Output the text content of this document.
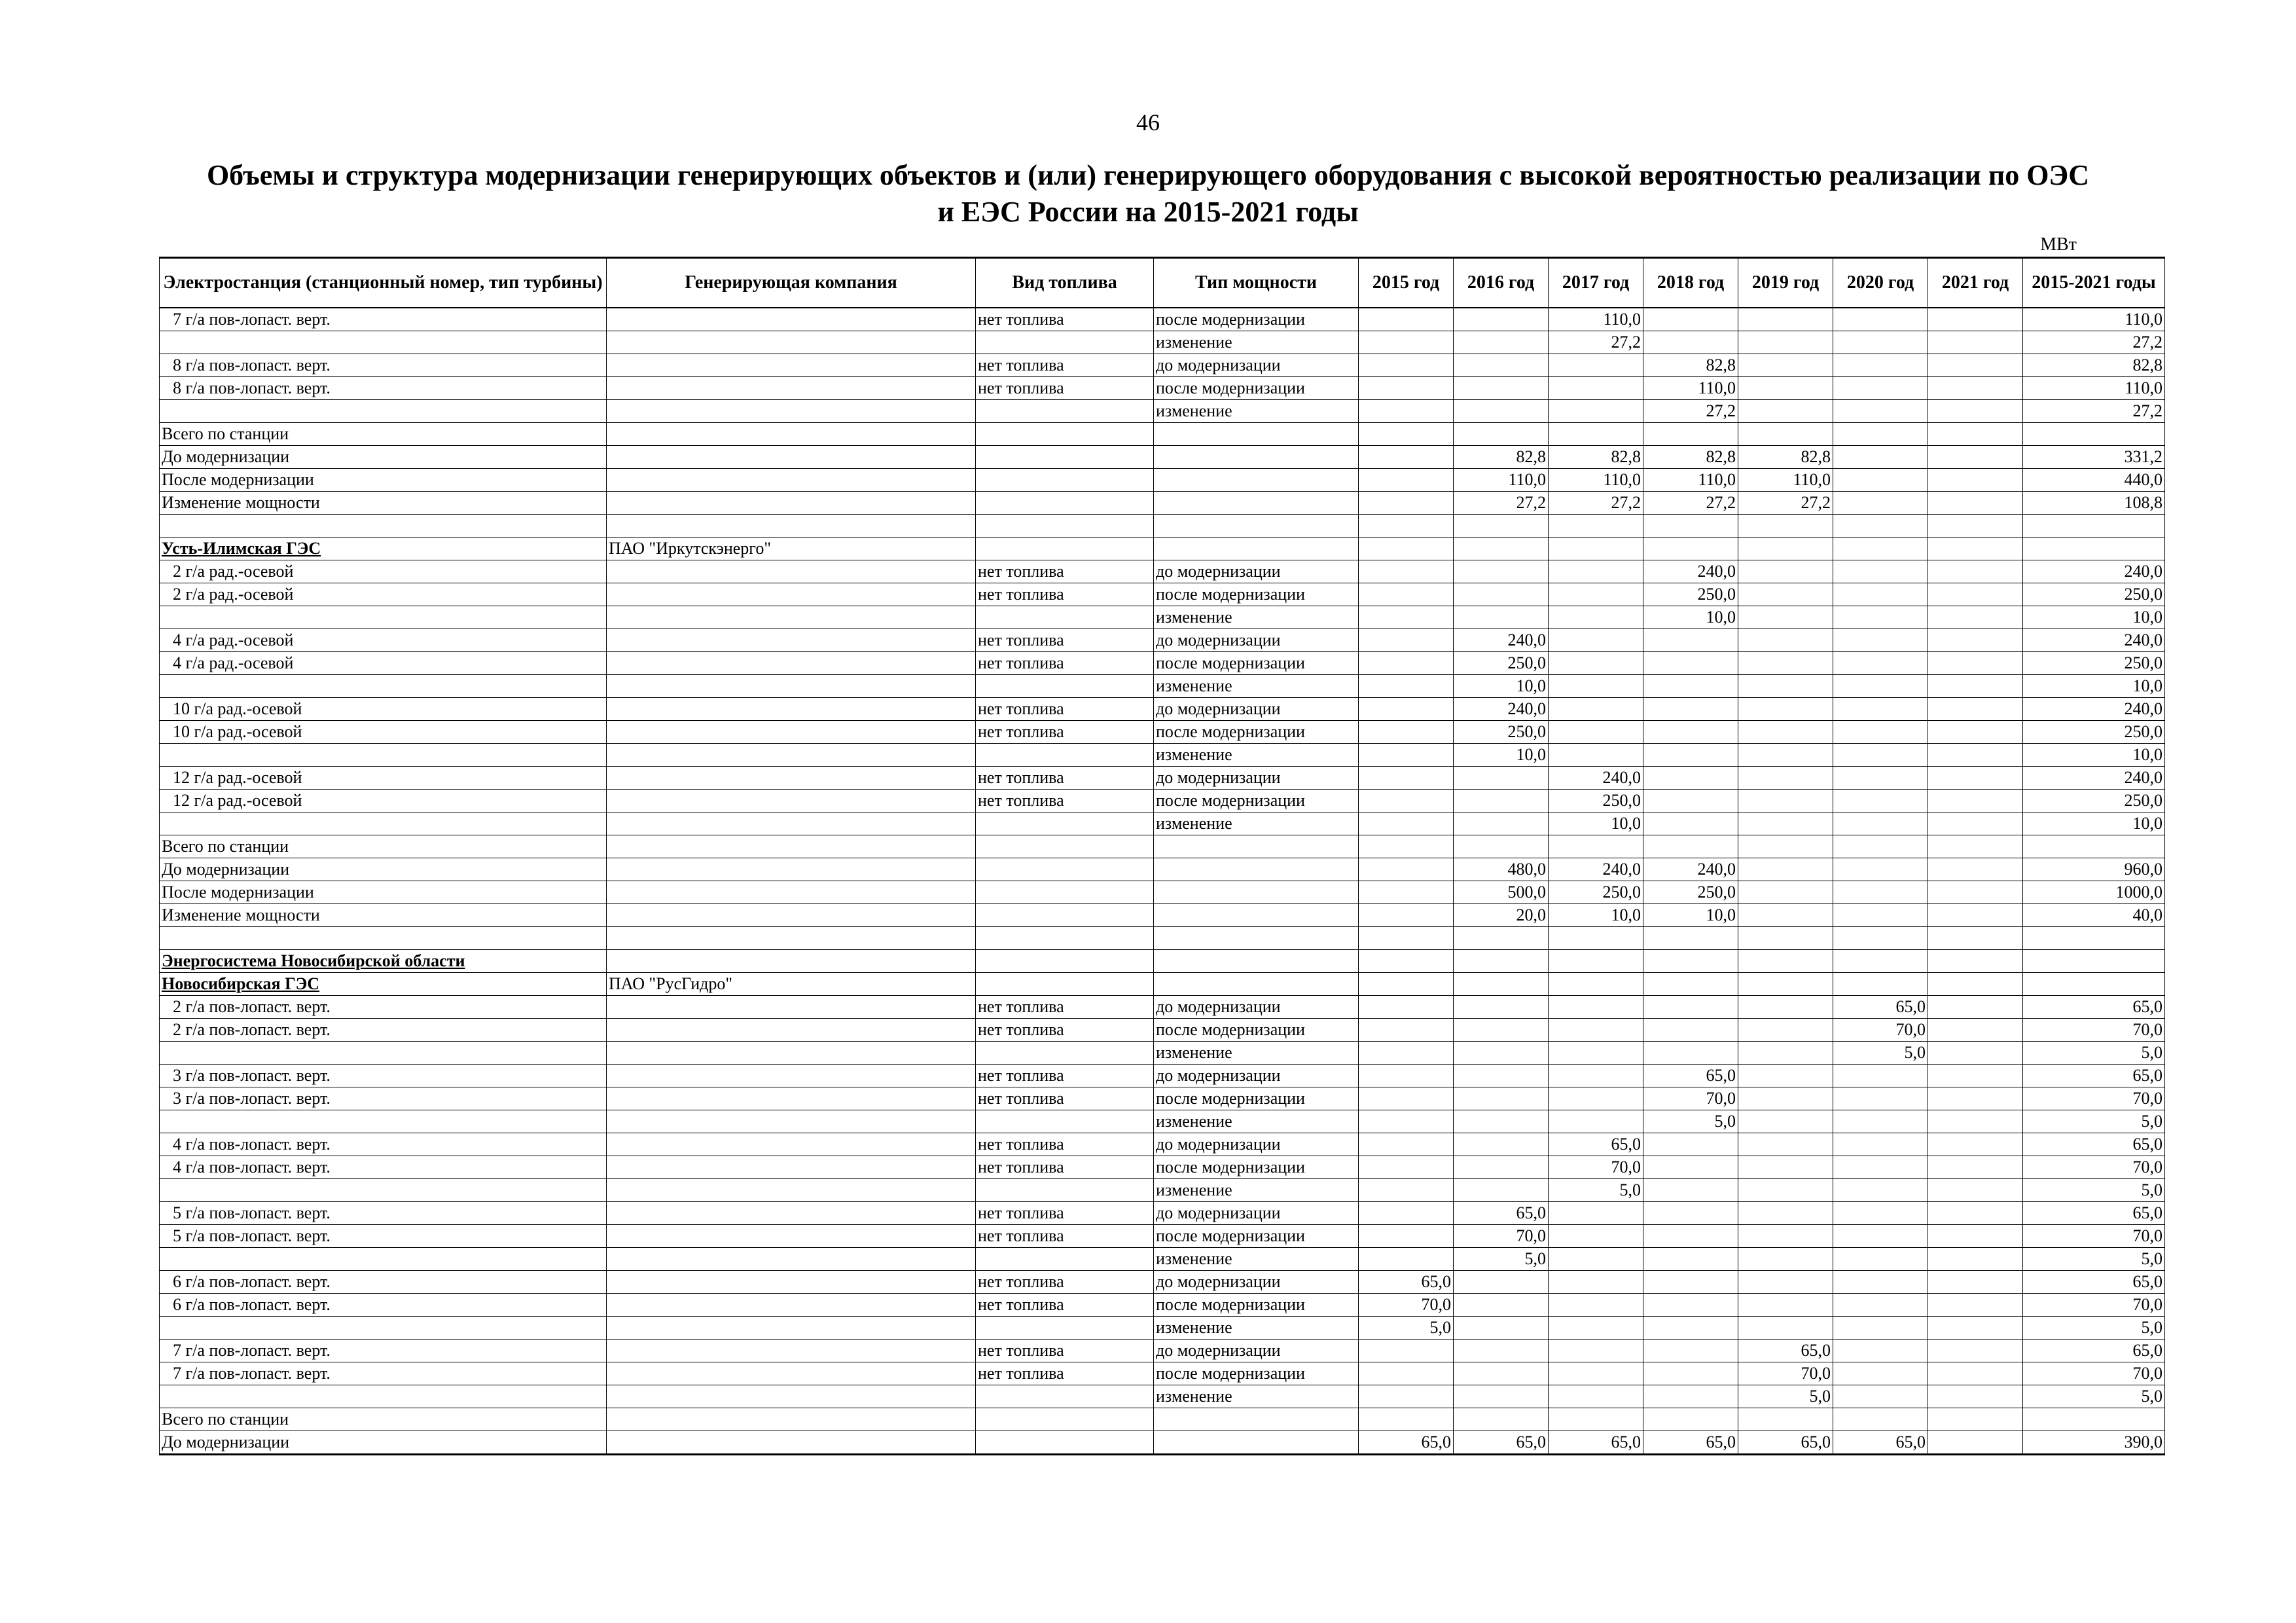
46
Объемы и структура модернизации генерирующих объектов и (или) генерирующего оборудования с высокой вероятностью реализации по ОЭС
и ЕЭС России на 2015-2021 годы
МВт
Электростанция (станционный номер, тип турбины)	Генерирующая компания	Вид топлива	Тип мощности	2015 год	2016 год	2017 год	2018 год	2019 год	2020 год	2021 год	2015-2021 годы
7 г/а пов-лопаст. верт.		нет топлива	после модернизации			110,0					110,0
			изменение			27,2					27,2
8 г/а пов-лопаст. верт.		нет топлива	до модернизации				82,8				82,8
8 г/а пов-лопаст. верт.		нет топлива	после модернизации				110,0				110,0
			изменение				27,2				27,2
Всего по станции											
До модернизации					82,8	82,8	82,8	82,8			331,2
После модернизации					110,0	110,0	110,0	110,0			440,0
Изменение мощности					27,2	27,2	27,2	27,2			108,8

Усть-Илимская ГЭС	ПАО "Иркутскэнерго"										
2 г/а рад.-осевой		нет топлива	до модернизации				240,0				240,0
2 г/а рад.-осевой		нет топлива	после модернизации				250,0				250,0
			изменение				10,0				10,0
4 г/а рад.-осевой		нет топлива	до модернизации		240,0						240,0
4 г/а рад.-осевой		нет топлива	после модернизации		250,0						250,0
			изменение		10,0						10,0
10 г/а рад.-осевой		нет топлива	до модернизации		240,0						240,0
10 г/а рад.-осевой		нет топлива	после модернизации		250,0						250,0
			изменение		10,0						10,0
12 г/а рад.-осевой		нет топлива	до модернизации			240,0					240,0
12 г/а рад.-осевой		нет топлива	после модернизации			250,0					250,0
			изменение			10,0					10,0
Всего по станции											
До модернизации					480,0	240,0	240,0				960,0
После модернизации					500,0	250,0	250,0				1000,0
Изменение мощности					20,0	10,0	10,0				40,0

Энергосистема Новосибирской области											
Новосибирская ГЭС	ПАО "РусГидро"										
2 г/а пов-лопаст. верт.		нет топлива	до модернизации						65,0		65,0
2 г/а пов-лопаст. верт.		нет топлива	после модернизации						70,0		70,0
			изменение						5,0		5,0
3 г/а пов-лопаст. верт.		нет топлива	до модернизации				65,0				65,0
3 г/а пов-лопаст. верт.		нет топлива	после модернизации				70,0				70,0
			изменение				5,0				5,0
4 г/а пов-лопаст. верт.		нет топлива	до модернизации			65,0					65,0
4 г/а пов-лопаст. верт.		нет топлива	после модернизации			70,0					70,0
			изменение			5,0					5,0
5 г/а пов-лопаст. верт.		нет топлива	до модернизации		65,0						65,0
5 г/а пов-лопаст. верт.		нет топлива	после модернизации		70,0						70,0
			изменение		5,0						5,0
6 г/а пов-лопаст. верт.		нет топлива	до модернизации	65,0							65,0
6 г/а пов-лопаст. верт.		нет топлива	после модернизации	70,0							70,0
			изменение	5,0							5,0
7 г/а пов-лопаст. верт.		нет топлива	до модернизации					65,0			65,0
7 г/а пов-лопаст. верт.		нет топлива	после модернизации					70,0			70,0
			изменение					5,0			5,0
Всего по станции											
До модернизации				65,0	65,0	65,0	65,0	65,0	65,0		390,0
